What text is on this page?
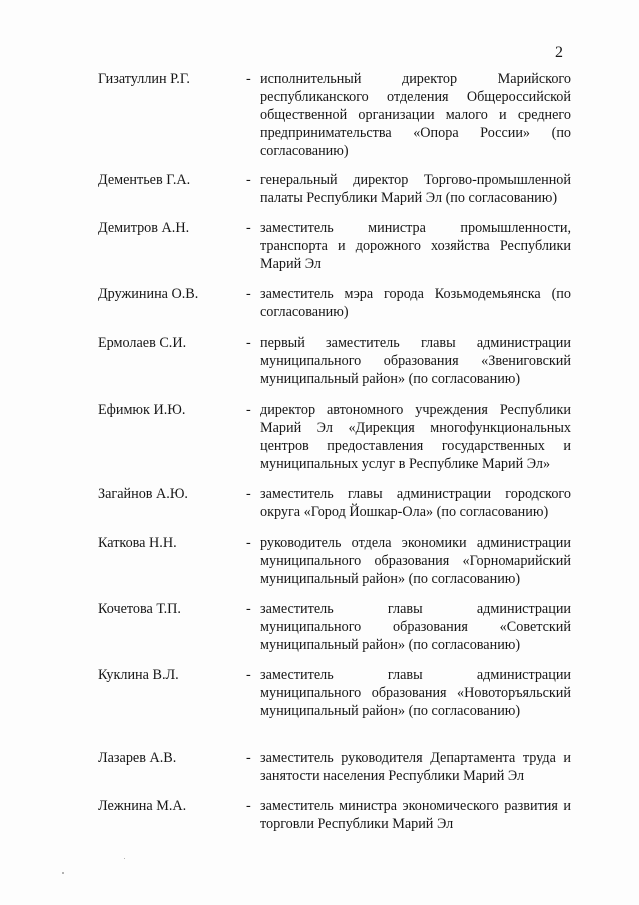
2
Гизатуллин Р.Г.	- исполнительный директор Марийского республиканского отделения Общероссийской общественной организации малого и среднего предпринимательства «Опора России» (по согласованию)
Дементьев Г.А.	- генеральный директор Торгово-промышленной палаты Республики Марий Эл (по согласованию)
Демитров А.Н.	- заместитель министра промышленности, транспорта и дорожного хозяйства Республики Марий Эл
Дружинина О.В.	- заместитель мэра города Козьмодемьянска (по согласованию)
Ермолаев С.И.	- первый заместитель главы администрации муниципального образования «Звениговский муниципальный район» (по согласованию)
Ефимюк И.Ю.	- директор автономного учреждения Республики Марий Эл «Дирекция многофункциональных центров предоставления государственных и муниципальных услуг в Республике Марий Эл»
Загайнов А.Ю.	- заместитель главы администрации городского округа «Город Йошкар-Ола» (по согласованию)
Каткова Н.Н.	- руководитель отдела экономики администрации муниципального образования «Горномарийский муниципальный район» (по согласованию)
Кочетова Т.П.	- заместитель главы администрации муниципального образования «Советский муниципальный район» (по согласованию)
Куклина В.Л.	- заместитель главы администрации муниципального образования «Новоторъяльский муниципальный район» (по согласованию)
Лазарев А.В.	- заместитель руководителя Департамента труда и занятости населения Республики Марий Эл
Лежнина М.А.	- заместитель министра экономического развития и торговли Республики Марий Эл
